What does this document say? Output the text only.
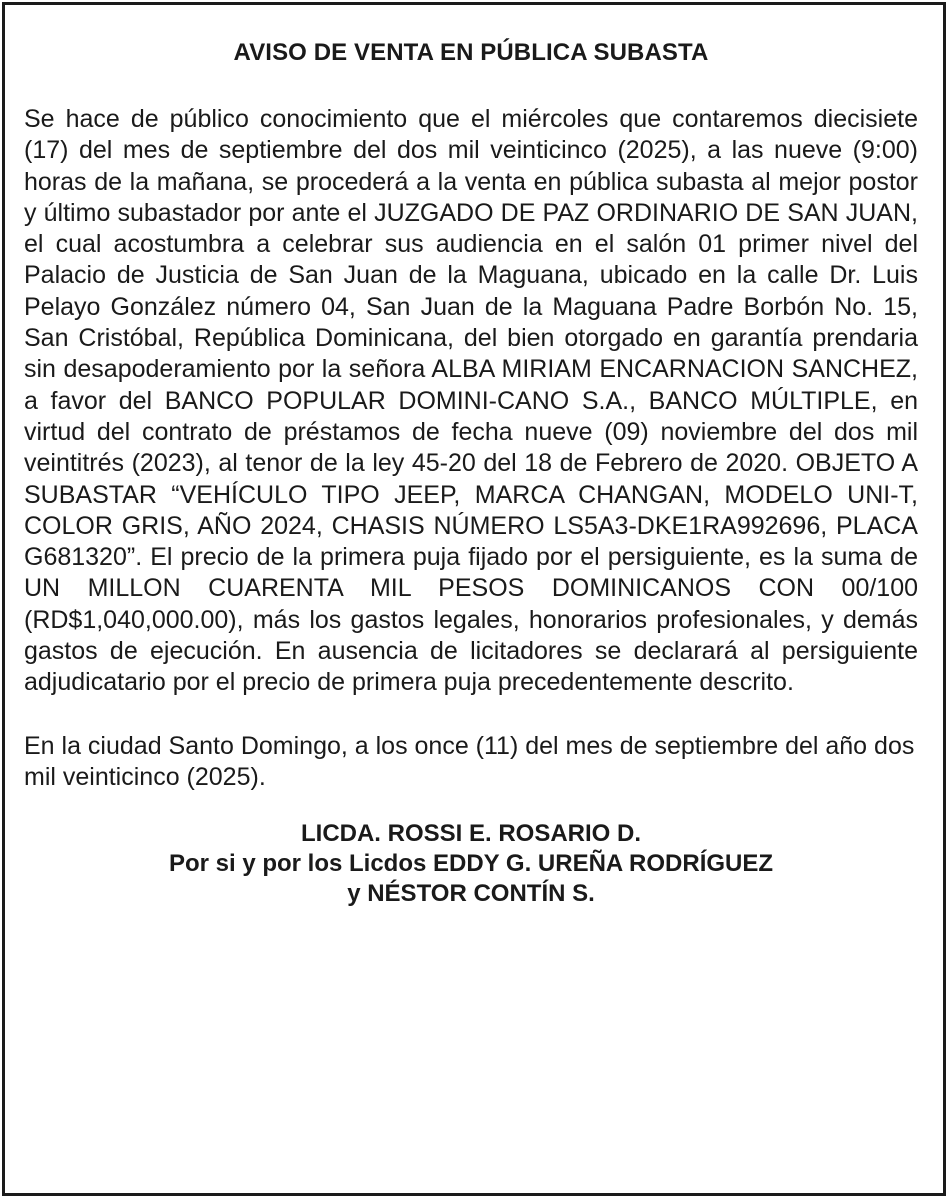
AVISO DE VENTA EN PÚBLICA SUBASTA

Se hace de público conocimiento que el miércoles que contaremos diecisiete (17) del mes de septiembre del dos mil veinticinco (2025), a las nueve (9:00) horas de la mañana, se procederá a la venta en pública subasta al mejor postor y último subastador por ante el JUZGADO DE PAZ ORDINARIO DE SAN JUAN, el cual acostumbra a celebrar sus audiencia en el salón 01 primer nivel del Palacio de Justicia de San Juan de la Maguana, ubicado en la calle Dr. Luis Pelayo González número 04, San Juan de la Maguana Padre Borbón No. 15, San Cristóbal, República Dominicana, del bien otorgado en garantía prendaria sin desapoderamiento por la señora ALBA MIRIAM ENCARNACION SANCHEZ, a favor del BANCO POPULAR DOMINI-CANO S.A., BANCO MÚLTIPLE, en virtud del contrato de préstamos de fecha nueve (09) noviembre del dos mil veintitrés (2023), al tenor de la ley 45-20 del 18 de Febrero de 2020. OBJETO A SUBASTAR “VEHÍCULO TIPO JEEP, MARCA CHANGAN, MODELO UNI-T, COLOR GRIS, AÑO 2024, CHASIS NÚMERO LS5A3-DKE1RA992696, PLACA G681320”. El precio de la primera puja fijado por el persiguiente, es la suma de UN MILLON CUARENTA MIL PESOS DOMINICANOS CON 00/100 (RD$1,040,000.00), más los gastos legales, honorarios profesionales, y demás gastos de ejecución. En ausencia de licitadores se declarará al persiguiente adjudicatario por el precio de primera puja precedentemente descrito.

En la ciudad Santo Domingo, a los once (11) del mes de septiembre del año dos mil veinticinco (2025).

LICDA. ROSSI E. ROSARIO D.
Por si y por los Licdos EDDY G. UREÑA RODRÍGUEZ
y NÉSTOR CONTÍN S.
